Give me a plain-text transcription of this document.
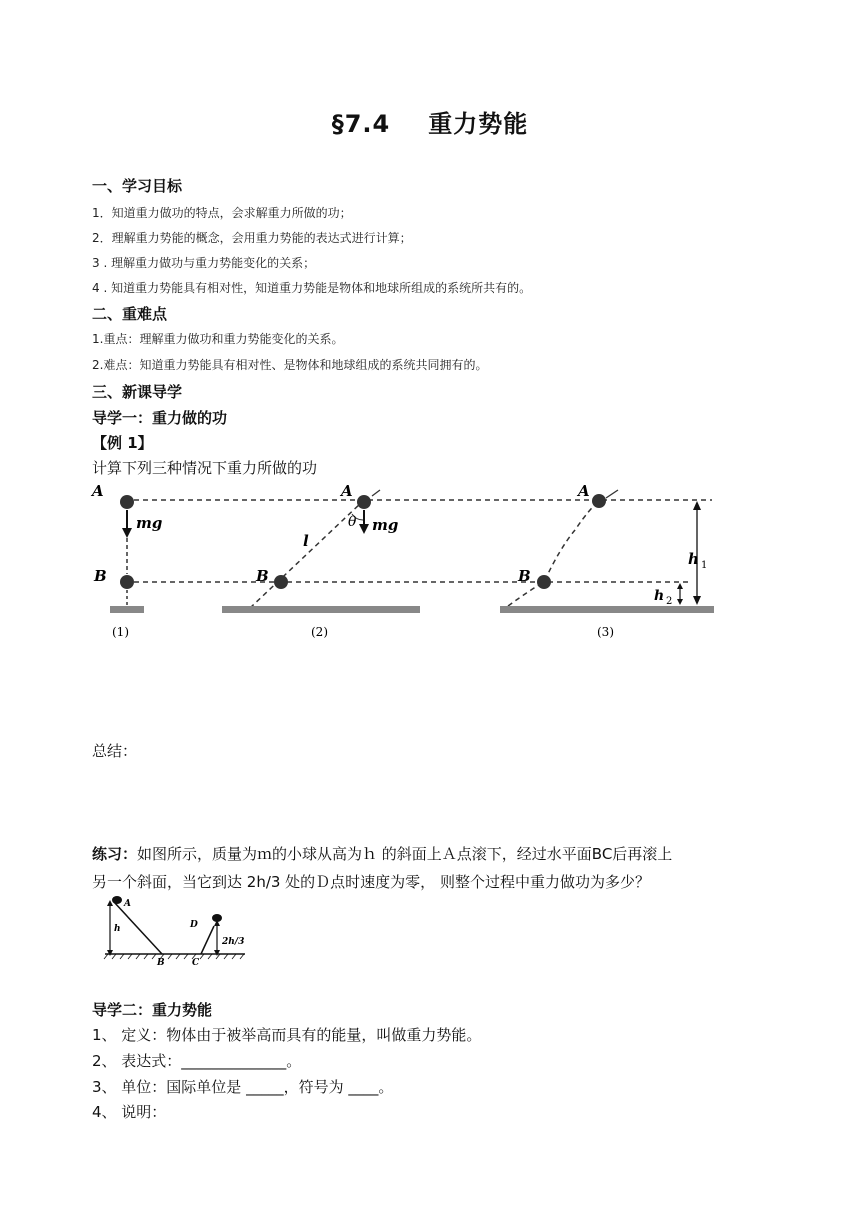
§7.4 重力势能
一、学习目标
1．知道重力做功的特点，会求解重力所做的功；
2．理解重力势能的概念，会用重力势能的表达式进行计算；
3 . 理解重力做功与重力势能变化的关系；
4 . 知道重力势能具有相对性，知道重力势能是物体和地球所组成的系统所共有的。
二、重难点
1.重点：理解重力做功和重力势能变化的关系。
2.难点：知道重力势能具有相对性、是物体和地球组成的系统共同拥有的。
三、新课导学
导学一：重力做的功
【例 1】
计算下列三种情况下重力所做的功
A
mg
B
(1)
A
mg
θ
l
B
(2)
A
B
(3)
h 1
h 2
总结：
练习：如图所示，质量为ｍ的小球从高为ｈ 的斜面上Ａ点滚下，经过水平面BC后再滚上
另一个斜面，当它到达 2h/3 处的Ｄ点时速度为零， 则整个过程中重力做功为多少？
A
h
B
D
2h/3
C
导学二：重力势能
1、 定义：物体由于被举高而具有的能量，叫做重力势能。
2、 表达式：______________。
3、 单位：国际单位是 _____，符号为 ____。
4、 说明：
